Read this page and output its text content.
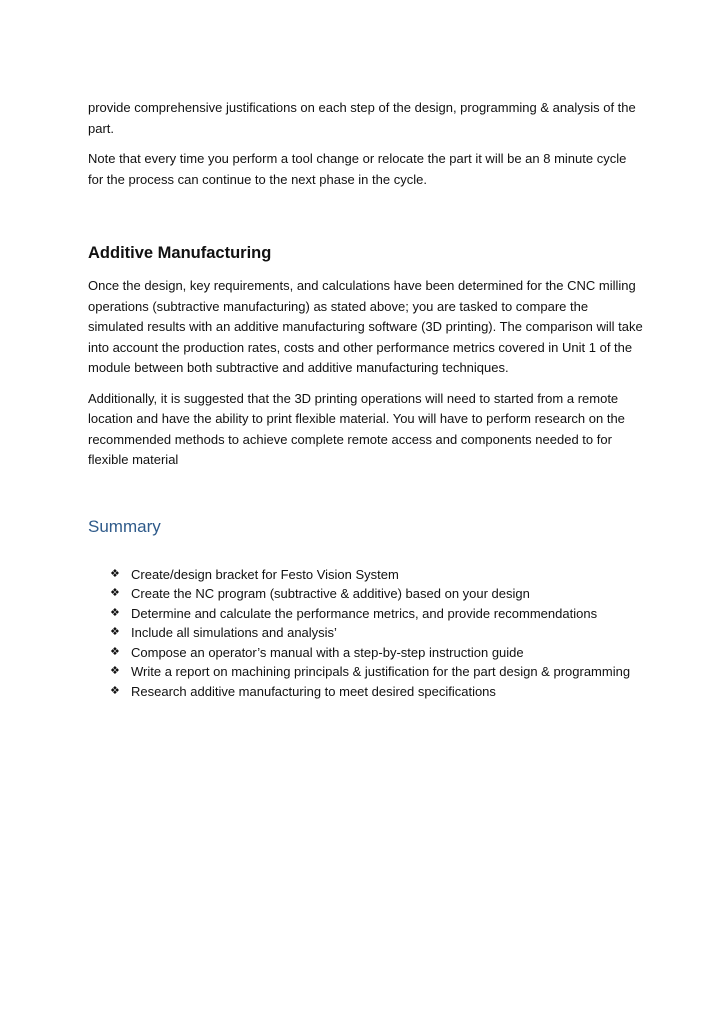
provide comprehensive justifications on each step of the design, programming & analysis of the part.

Note that every time you perform a tool change or relocate the part it will be an 8 minute cycle for the process can continue to the next phase in the cycle.

Additive Manufacturing

Once the design, key requirements, and calculations have been determined for the CNC milling operations (subtractive manufacturing) as stated above; you are tasked to compare the simulated results with an additive manufacturing software (3D printing). The comparison will take into account the production rates, costs and other performance metrics covered in Unit 1 of the module between both subtractive and additive manufacturing techniques.

Additionally, it is suggested that the 3D printing operations will need to started from a remote location and have the ability to print flexible material. You will have to perform research on the recommended methods to achieve complete remote access and components needed to for flexible material

Summary
❖ Create/design bracket for Festo Vision System
❖ Create the NC program (subtractive & additive) based on your design
❖ Determine and calculate the performance metrics, and provide recommendations
❖ Include all simulations and analysis’
❖ Compose an operator’s manual with a step-by-step instruction guide
❖ Write a report on machining principals & justification for the part design & programming
❖ Research additive manufacturing to meet desired specifications
